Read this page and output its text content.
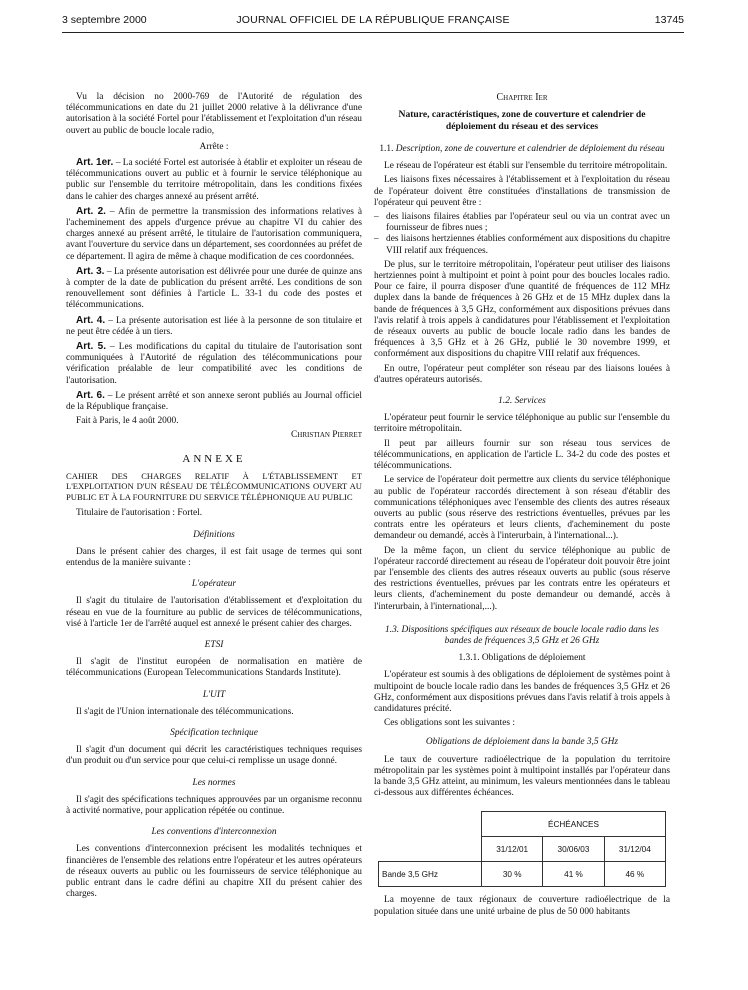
3 septembre 2000	JOURNAL OFFICIEL DE LA RÉPUBLIQUE FRANÇAISE	13745

Vu la décision no 2000-769 de l'Autorité de régulation des télécommunications en date du 21 juillet 2000 relative à la délivrance d'une autorisation à la société Fortel pour l'établissement et l'exploitation d'un réseau ouvert au public de boucle locale radio,

Arrête :

Art. 1er. – La société Fortel est autorisée à établir et exploiter un réseau de télécommunications ouvert au public et à fournir le service téléphonique au public sur l'ensemble du territoire métropolitain, dans les conditions fixées dans le cahier des charges annexé au présent arrêté.

Art. 2. – Afin de permettre la transmission des informations relatives à l'acheminement des appels d'urgence prévue au chapitre VI du cahier des charges annexé au présent arrêté, le titulaire de l'autorisation communiquera, avant l'ouverture du service dans un département, ses coordonnées au préfet de ce département. Il agira de même à chaque modification de ces coordonnées.

Art. 3. – La présente autorisation est délivrée pour une durée de quinze ans à compter de la date de publication du présent arrêté. Les conditions de son renouvellement sont définies à l'article L. 33-1 du code des postes et télécommunications.

Art. 4. – La présente autorisation est liée à la personne de son titulaire et ne peut être cédée à un tiers.

Art. 5. – Les modifications du capital du titulaire de l'autorisation sont communiquées à l'Autorité de régulation des télécommunications pour vérification préalable de leur compatibilité avec les conditions de l'autorisation.

Art. 6. – Le présent arrêté et son annexe seront publiés au Journal officiel de la République française.

Fait à Paris, le 4 août 2000.

Christian Pierret

ANNEXE

CAHIER DES CHARGES RELATIF À L'ÉTABLISSEMENT ET L'EXPLOITATION D'UN RÉSEAU DE TÉLÉCOMMUNICATIONS OUVERT AU PUBLIC ET À LA FOURNITURE DU SERVICE TÉLÉPHONIQUE AU PUBLIC

Titulaire de l'autorisation : Fortel.

Définitions

Dans le présent cahier des charges, il est fait usage de termes qui sont entendus de la manière suivante :

L'opérateur

Il s'agit du titulaire de l'autorisation d'établissement et d'exploitation du réseau en vue de la fourniture au public de services de télécommunications, visé à l'article 1er de l'arrêté auquel est annexé le présent cahier des charges.

ETSI

Il s'agit de l'institut européen de normalisation en matière de télécommunications (European Telecommunications Standards Institute).

L'UIT

Il s'agit de l'Union internationale des télécommunications.

Spécification technique

Il s'agit d'un document qui décrit les caractéristiques techniques requises d'un produit ou d'un service pour que celui-ci remplisse un usage donné.

Les normes

Il s'agit des spécifications techniques approuvées par un organisme reconnu à activité normative, pour application répétée ou continue.

Les conventions d'interconnexion

Les conventions d'interconnexion précisent les modalités techniques et financières de l'ensemble des relations entre l'opérateur et les autres opérateurs de réseaux ouverts au public ou les fournisseurs de service téléphonique au public entrant dans le cadre défini au chapitre XII du présent cahier des charges.

Chapitre Ier

Nature, caractéristiques, zone de couverture et calendrier de déploiement du réseau et des services

1.1. Description, zone de couverture et calendrier de déploiement du réseau

Le réseau de l'opérateur est établi sur l'ensemble du territoire métropolitain.

Les liaisons fixes nécessaires à l'établissement et à l'exploitation du réseau de l'opérateur doivent être constituées d'installations de transmission de l'opérateur qui peuvent être :

– des liaisons filaires établies par l'opérateur seul ou via un contrat avec un fournisseur de fibres nues ;
– des liaisons hertziennes établies conformément aux dispositions du chapitre VIII relatif aux fréquences.

De plus, sur le territoire métropolitain, l'opérateur peut utiliser des liaisons hertziennes point à multipoint et point à point pour des boucles locales radio. Pour ce faire, il pourra disposer d'une quantité de fréquences de 112 MHz duplex dans la bande de fréquences à 26 GHz et de 15 MHz duplex dans la bande de fréquences à 3,5 GHz, conformément aux dispositions prévues dans l'avis relatif à trois appels à candidatures pour l'établissement et l'exploitation de réseaux ouverts au public de boucle locale radio dans les bandes de fréquences à 3,5 GHz et à 26 GHz, publié le 30 novembre 1999, et conformément aux dispositions du chapitre VIII relatif aux fréquences.

En outre, l'opérateur peut compléter son réseau par des liaisons louées à d'autres opérateurs autorisés.

1.2. Services

L'opérateur peut fournir le service téléphonique au public sur l'ensemble du territoire métropolitain.

Il peut par ailleurs fournir sur son réseau tous services de télécommunications, en application de l'article L. 34-2 du code des postes et télécommunications.

Le service de l'opérateur doit permettre aux clients du service téléphonique au public de l'opérateur raccordés directement à son réseau d'établir des communications téléphoniques avec l'ensemble des clients des autres réseaux ouverts au public (sous réserve des restrictions éventuelles, prévues par les contrats entre les opérateurs et leurs clients, d'acheminement du poste demandeur ou demandé, accès à l'interurbain, à l'international...).

De la même façon, un client du service téléphonique au public de l'opérateur raccordé directement au réseau de l'opérateur doit pouvoir être joint par l'ensemble des clients des autres réseaux ouverts au public (sous réserve des restrictions éventuelles, prévues par les contrats entre les opérateurs et leurs clients, d'acheminement du poste demandeur ou demandé, accès à l'interurbain, à l'international,...).

1.3. Dispositions spécifiques aux réseaux de boucle locale radio dans les bandes de fréquences 3,5 GHz et 26 GHz

1.3.1. Obligations de déploiement

L'opérateur est soumis à des obligations de déploiement de systèmes point à multipoint de boucle locale radio dans les bandes de fréquences 3,5 GHz et 26 GHz, conformément aux dispositions prévues dans l'avis relatif à trois appels à candidatures précité.

Ces obligations sont les suivantes :

Obligations de déploiement dans la bande 3,5 GHz

Le taux de couverture radioélectrique de la population du territoire métropolitain par les systèmes point à multipoint installés par l'opérateur dans la bande 3,5 GHz atteint, au minimum, les valeurs mentionnées dans le tableau ci-dessous aux différentes échéances.

	ÉCHÉANCES		
	31/12/01	30/06/03	31/12/04
Bande 3,5 GHz	30 %	41 %	46 %

La moyenne de taux régionaux de couverture radioélectrique de la population située dans une unité urbaine de plus de 50 000 habitants
